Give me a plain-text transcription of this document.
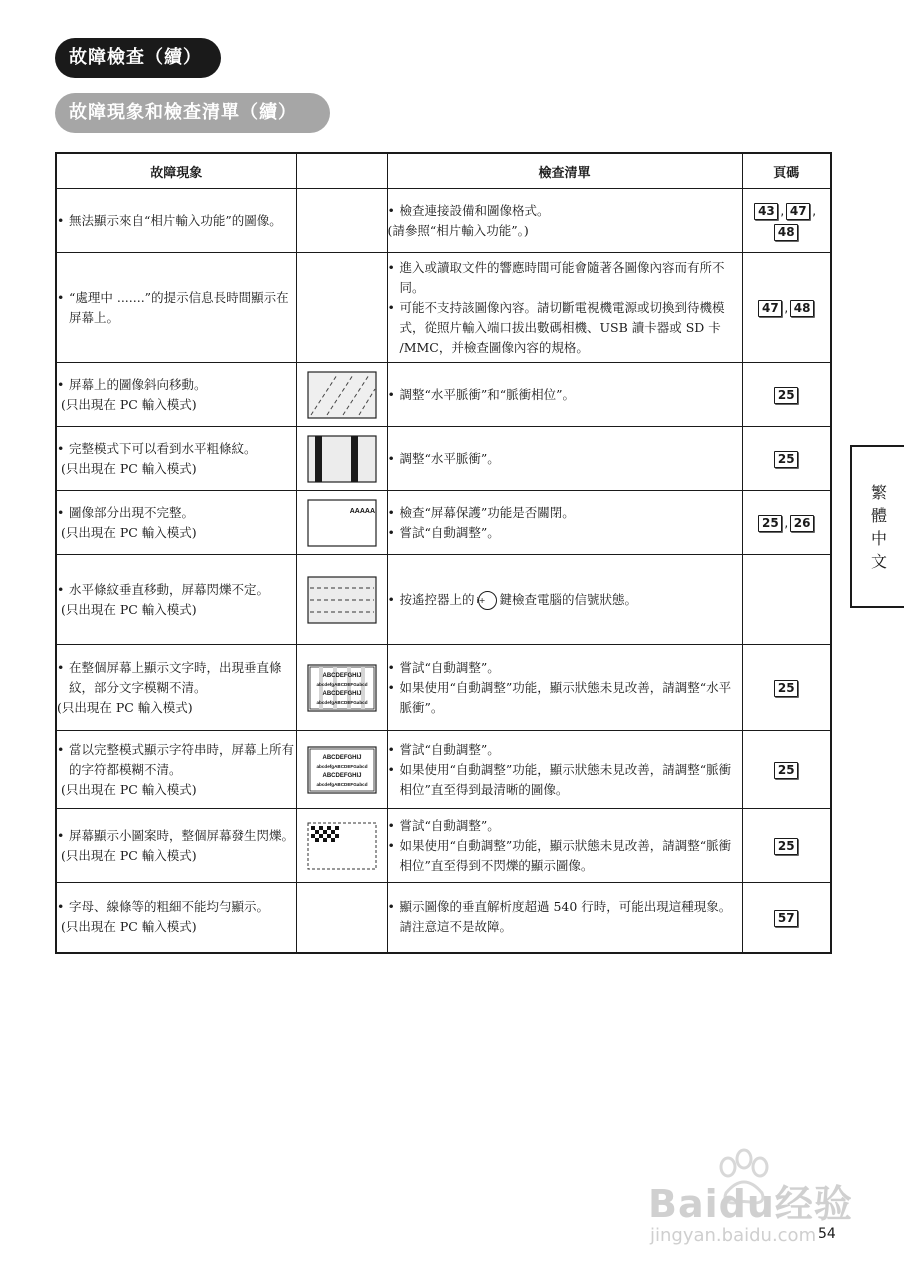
故障檢查（續）
故障現象和檢查清單（續）
故障現象		檢查清單	頁碼

• 無法顯示來自“相片輸入功能”的圖像。		• 檢查連接設備和圖像格式。
(請參照“相片輸入功能”。)	43 , 47 ,
48

• “處理中 .......”的提示信息長時間顯示在屏幕上。		• 進入或讀取文件的響應時間可能會隨著各圖像內容而有所不同。
• 可能不支持該圖像內容。請切斷電視機電源或切換到待機模式，從照片輸入端口拔出數碼相機、USB 讀卡器或 SD 卡 /MMC，并檢查圖像內容的規格。	47 , 48

• 屏幕上的圖像斜向移動。
(只出現在 PC 輸入模式)		• 調整“水平脈衝”和“脈衝相位”。	25

• 完整模式下可以看到水平粗條紋。
(只出現在 PC 輸入模式)		• 調整“水平脈衝”。	25

• 圖像部分出現不完整。
(只出現在 PC 輸入模式)	AAAAA	• 檢查“屏幕保護”功能是否關閉。
• 嘗試“自動調整”。	25 , 26

• 水平條紋垂直移動，屏幕閃爍不定。
(只出現在 PC 輸入模式)		• 按遙控器上的 i+ 鍵檢查電腦的信號狀態。

• 在整個屏幕上顯示文字時，出現垂直條紋，部分文字模糊不清。
(只出現在 PC 輸入模式)	ABCDEFGHIJ
abcdefgABCDEFGabcd
ABCDEFGHIJ
abcdefgABCDEFGabcd	• 嘗試“自動調整”。
• 如果使用“自動調整”功能，顯示狀態未見改善，請調整“水平脈衝”。	25

• 當以完整模式顯示字符串時，屏幕上所有的字符都模糊不清。
(只出現在 PC 輸入模式)	ABCDEFGHIJ
abcdefgABCDEFGabcd
ABCDEFGHIJ
abcdefgABCDEFGabcd	• 嘗試“自動調整”。
• 如果使用“自動調整”功能，顯示狀態未見改善，請調整“脈衝相位”直至得到最清晰的圖像。	25

• 屏幕顯示小圖案時，整個屏幕發生閃爍。
(只出現在 PC 輸入模式)		• 嘗試“自動調整”。
• 如果使用“自動調整”功能，顯示狀態未見改善，請調整“脈衝相位”直至得到不閃爍的顯示圖像。	25

• 字母、線條等的粗細不能均勻顯示。
(只出現在 PC 輸入模式)		• 顯示圖像的垂直解析度超過 540 行時，可能出現這種現象。
請注意這不是故障。	57
繁體中文
Baidu经验
jingyan.baidu.com 54
